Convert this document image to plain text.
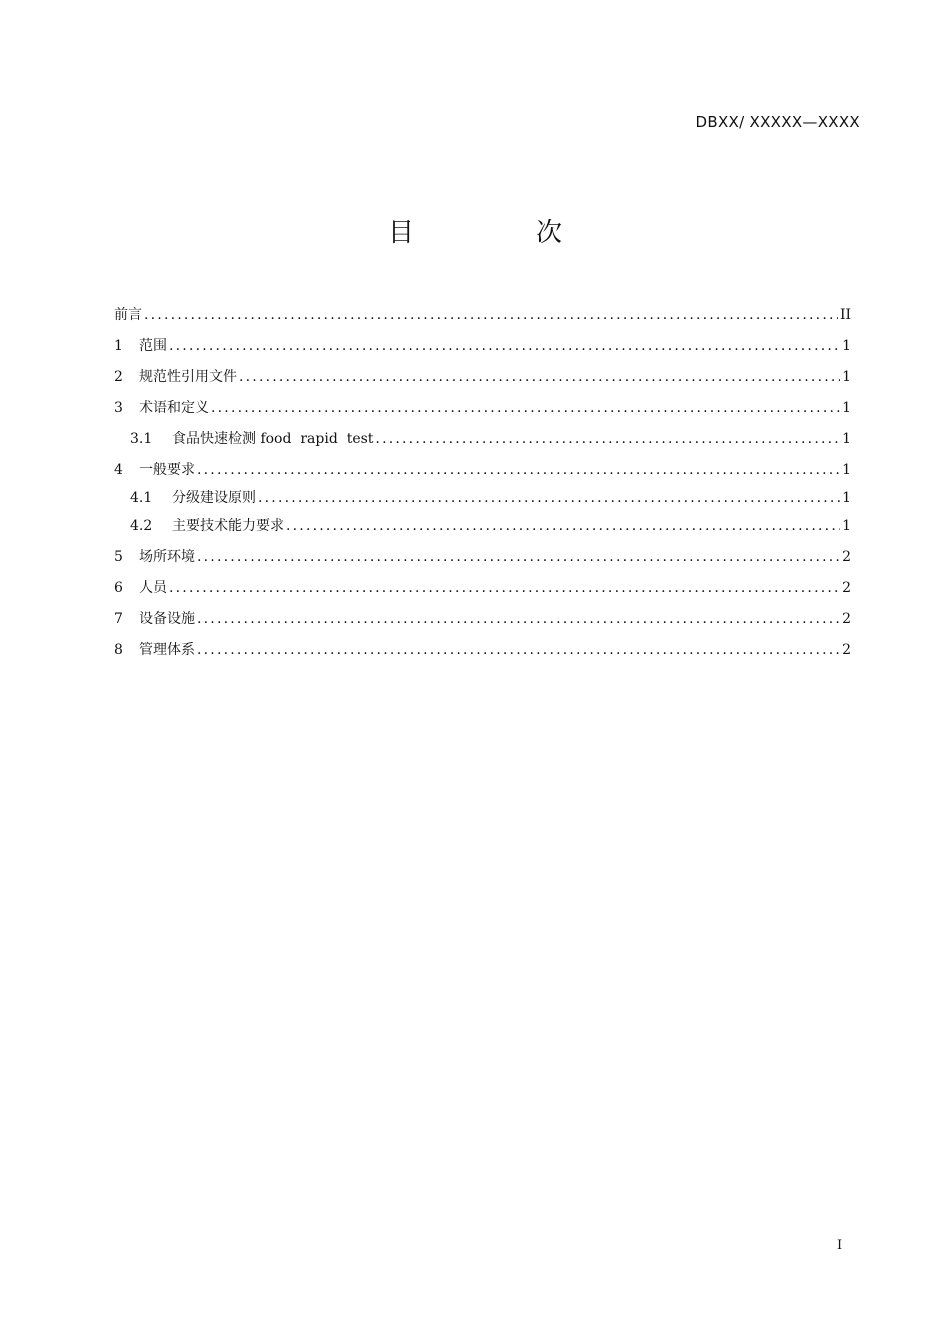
DBXX/ XXXXX—XXXX
目　次
前言 .....	II
1	范围 .....	1
2	规范性引用文件 .....	1
3	术语和定义 .....	1
3.1	食品快速检测 food  rapid  test .....	1
4	一般要求 .....	1
4.1	分级建设原则 .....	1
4.2	主要技术能力要求 .....	1
5	场所环境 .....	2
6	人员 .....	2
7	设备设施 .....	2
8	管理体系 .....	2
I
